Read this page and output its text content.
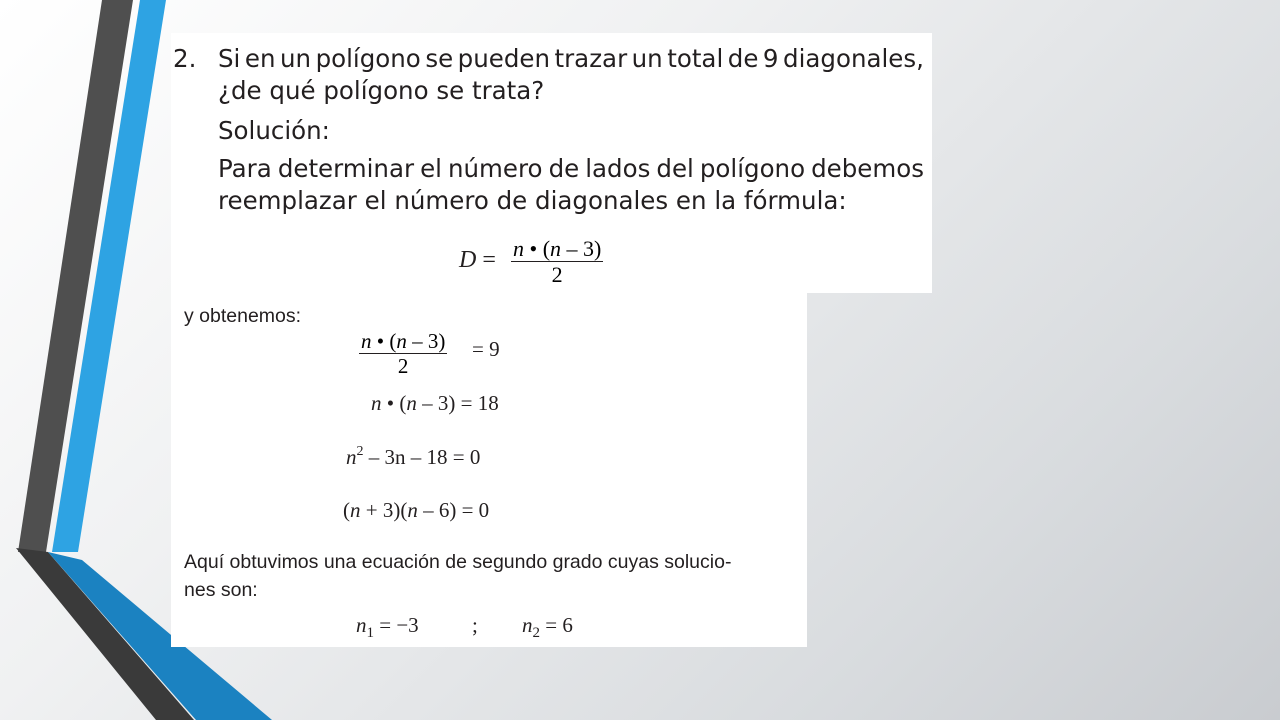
2. Si en un polígono se pueden trazar un total de 9 diagonales,
¿de qué polígono se trata?
Solución:
Para determinar el número de lados del polígono debemos
reemplazar el número de diagonales en la fórmula:
$D = \frac{n • (n - 3)}{2}$
y obtenemos:
$\frac{n • (n - 3)}{2} = 9$
n • (n – 3) = 18
$n^2 - 3n - 18 = 0$
(n + 3)(n – 6) = 0
Aquí obtuvimos una ecuación de segundo grado cuyas solucio-
nes son:
$n_1 = -3$	; $n_2 = 6$
